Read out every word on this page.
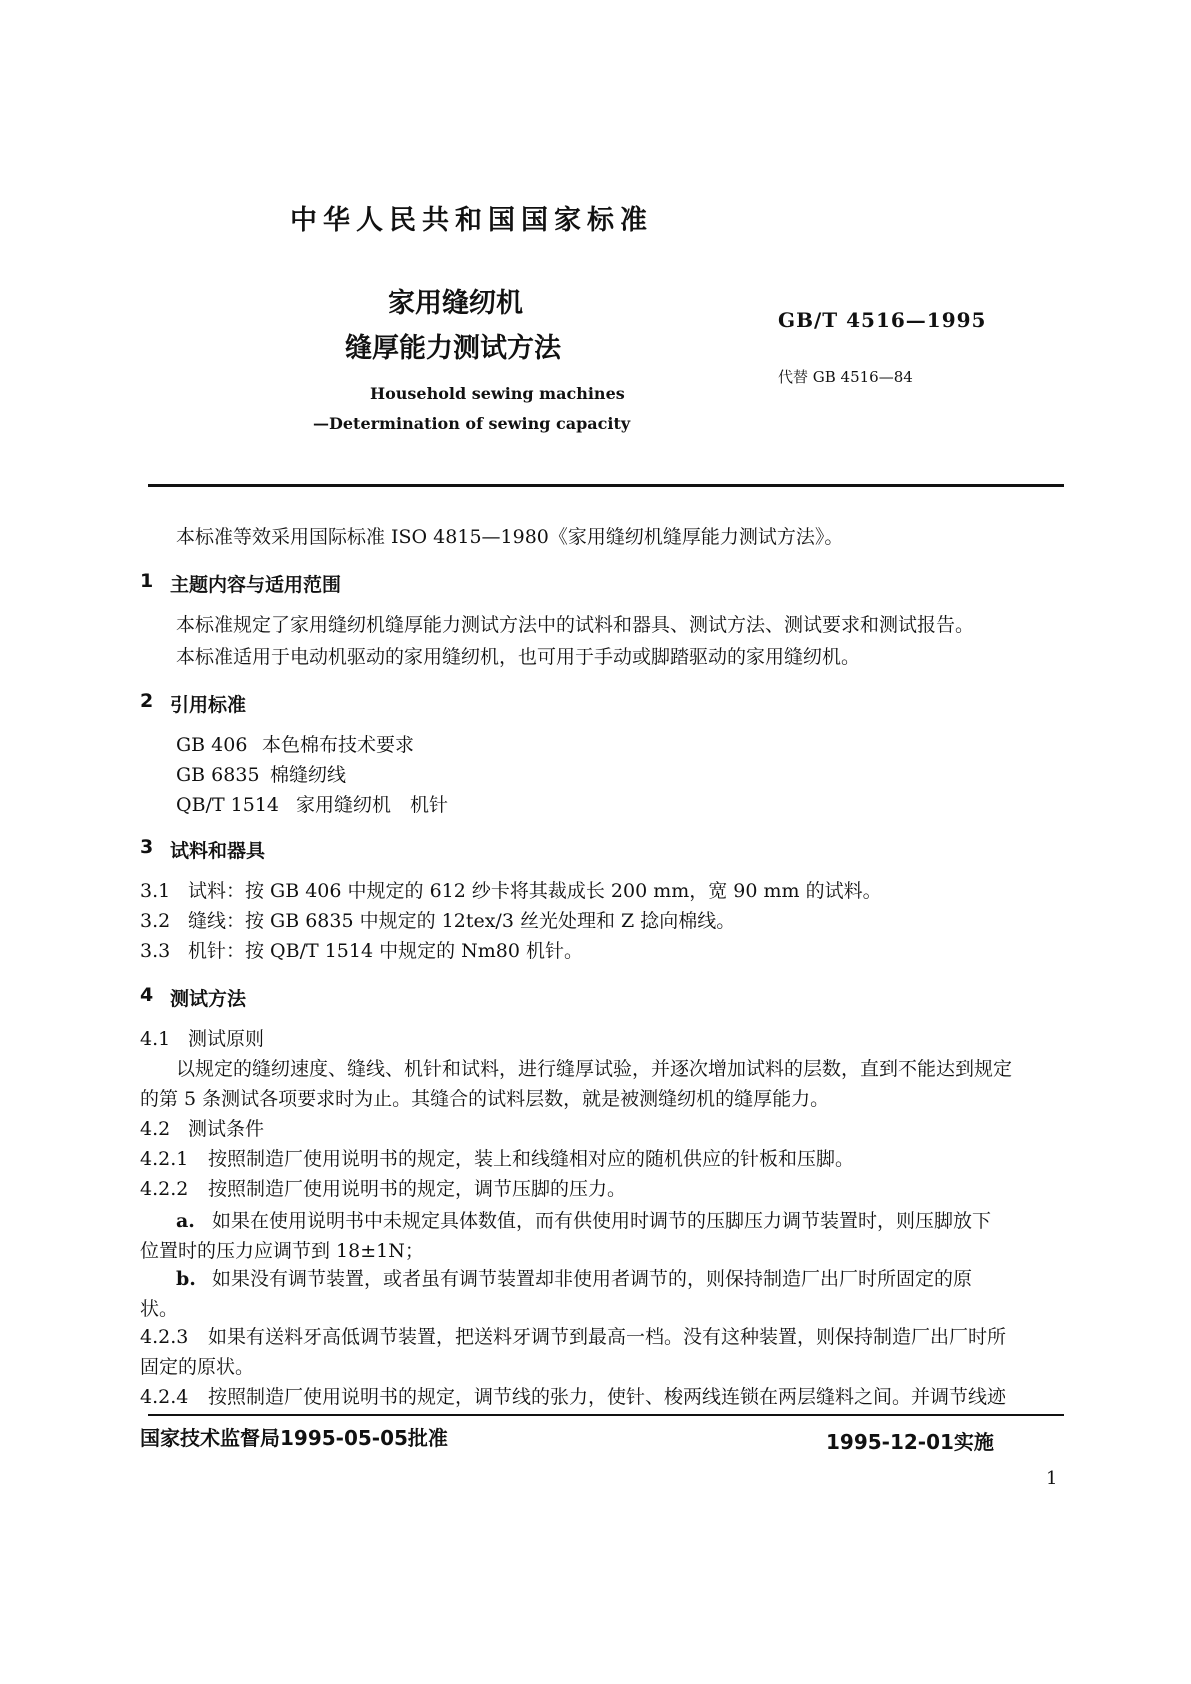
中华人民共和国国家标准
家用缝纫机
缝厚能力测试方法
GB/T 4516—1995
代替 GB 4516—84
Household sewing machines
—Determination of sewing capacity
本标准等效采用国际标准 ISO 4815—1980《家用缝纫机缝厚能力测试方法》。
1 主题内容与适用范围
本标准规定了家用缝纫机缝厚能力测试方法中的试料和器具、测试方法、测试要求和测试报告。
本标准适用于电动机驱动的家用缝纫机，也可用于手动或脚踏驱动的家用缝纫机。
2 引用标准
GB 406 本色棉布技术要求
GB 6835 棉缝纫线
QB/T 1514 家用缝纫机　机针
3 试料和器具
3.1 试料：按 GB 406 中规定的 612 纱卡将其裁成长 200 mm，宽 90 mm 的试料。
3.2 缝线：按 GB 6835 中规定的 12tex/3 丝光处理和 Z 捻向棉线。
3.3 机针：按 QB/T 1514 中规定的 Nm80 机针。
4 测试方法
4.1 测试原则
以规定的缝纫速度、缝线、机针和试料，进行缝厚试验，并逐次增加试料的层数，直到不能达到规定
的第 5 条测试各项要求时为止。其缝合的试料层数，就是被测缝纫机的缝厚能力。
4.2 测试条件
4.2.1 按照制造厂使用说明书的规定，装上和线缝相对应的随机供应的针板和压脚。
4.2.2 按照制造厂使用说明书的规定，调节压脚的压力。
a. 如果在使用说明书中未规定具体数值，而有供使用时调节的压脚压力调节装置时，则压脚放下
位置时的压力应调节到 18±1N；
b. 如果没有调节装置，或者虽有调节装置却非使用者调节的，则保持制造厂出厂时所固定的原
状。
4.2.3 如果有送料牙高低调节装置，把送料牙调节到最高一档。没有这种装置，则保持制造厂出厂时所
固定的原状。
4.2.4 按照制造厂使用说明书的规定，调节线的张力，使针、梭两线连锁在两层缝料之间。并调节线迹
国家技术监督局1995-05-05批准	1995-12-01实施
1
